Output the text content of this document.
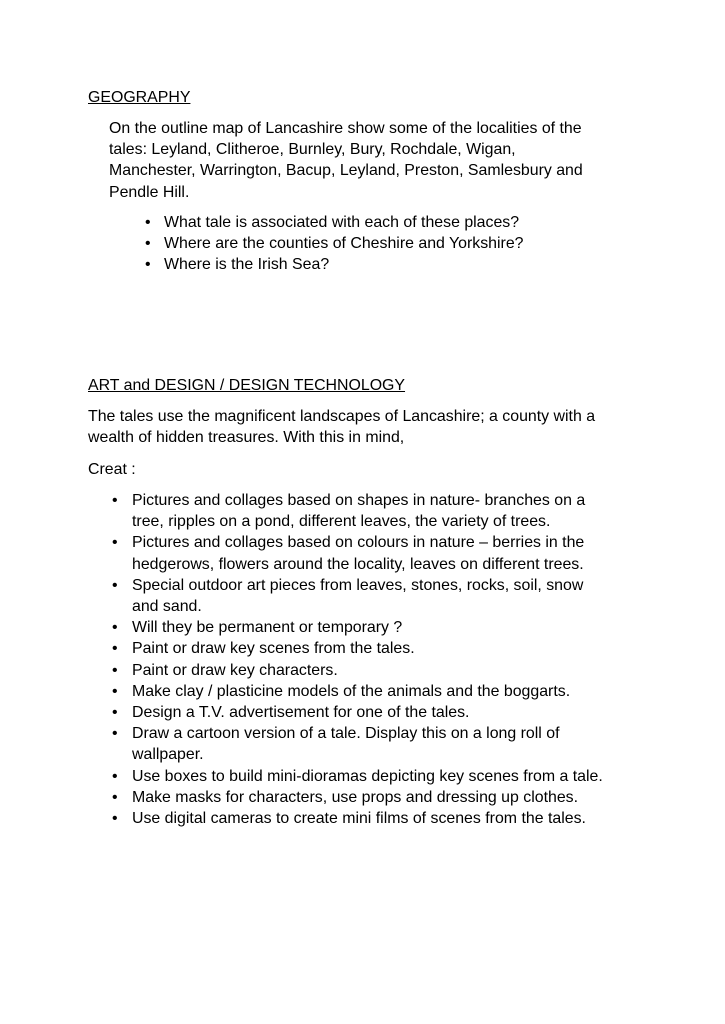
GEOGRAPHY

On the outline map of Lancashire show some of the localities of the
tales: Leyland, Clitheroe, Burnley, Bury, Rochdale, Wigan,
Manchester, Warrington, Bacup, Leyland, Preston, Samlesbury and
Pendle Hill.

• What tale is associated with each of these places?
• Where are the counties of Cheshire and Yorkshire?
• Where is the Irish Sea?
ART and DESIGN / DESIGN TECHNOLOGY

The tales use the magnificent landscapes of Lancashire; a county with a
wealth of hidden treasures. With this in mind,

Creat :

• Pictures and collages based on shapes in nature- branches on a
tree, ripples on a pond, different leaves, the variety of trees.
• Pictures and collages based on colours in nature – berries in the
hedgerows, flowers around the locality, leaves on different trees.
• Special outdoor art pieces from leaves, stones, rocks, soil, snow
and sand.
• Will they be permanent or temporary ?
• Paint or draw key scenes from the tales.
• Paint or draw key characters.
• Make clay / plasticine models of the animals and the boggarts.
• Design a T.V. advertisement for one of the tales.
• Draw a cartoon version of a tale. Display this on a long roll of
wallpaper.
• Use boxes to build mini-dioramas depicting key scenes from a tale.
• Make masks for characters, use props and dressing up clothes.
• Use digital cameras to create mini films of scenes from the tales.
